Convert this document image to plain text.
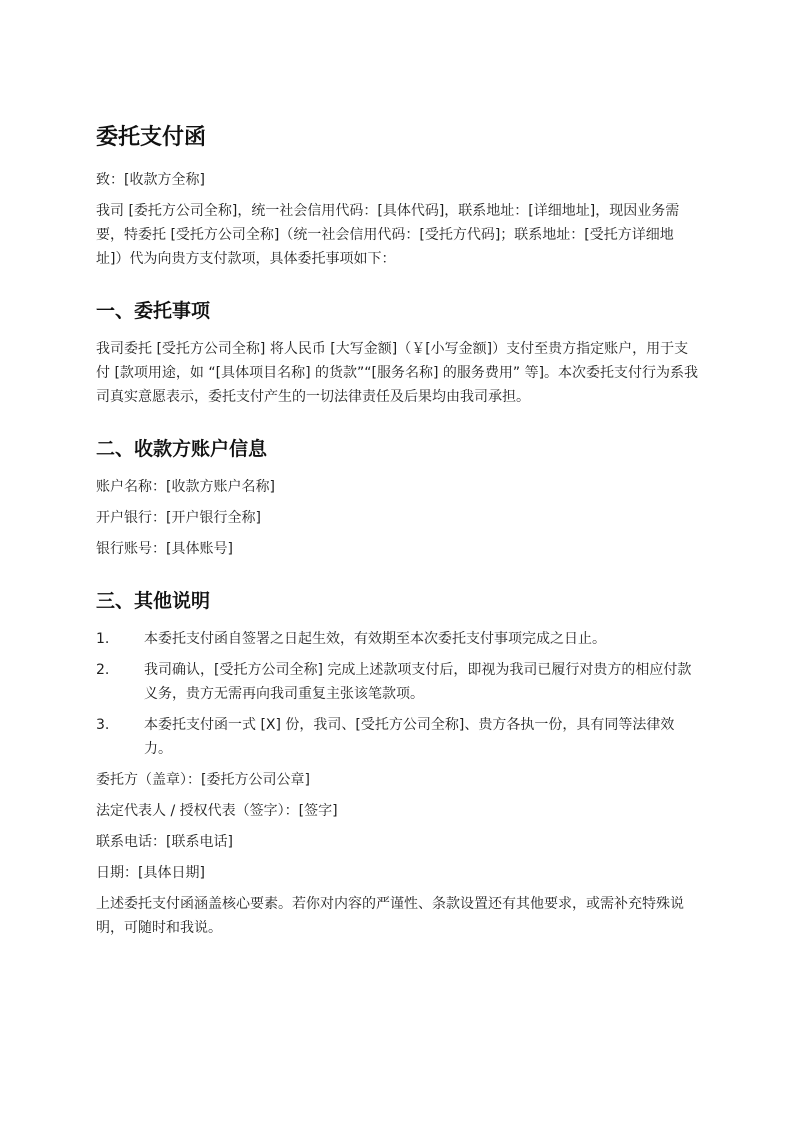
委托支付函

致：[收款方全称]

我司 [委托方公司全称]，统一社会信用代码：[具体代码]，联系地址：[详细地址]，现因业务需要，特委托 [受托方公司全称]（统一社会信用代码：[受托方代码]；联系地址：[受托方详细地址]）代为向贵方支付款项，具体委托事项如下：

一、委托事项

我司委托 [受托方公司全称] 将人民币 [大写金额]（￥[小写金额]）支付至贵方指定账户，用于支付 [款项用途，如 “[具体项目名称] 的货款”“[服务名称] 的服务费用” 等]。本次委托支付行为系我司真实意愿表示，委托支付产生的一切法律责任及后果均由我司承担。

二、收款方账户信息

账户名称：[收款方账户名称]

开户银行：[开户银行全称]

银行账号：[具体账号]

三、其他说明
1.	本委托支付函自签署之日起生效，有效期至本次委托支付事项完成之日止。
2.	我司确认，[受托方公司全称] 完成上述款项支付后，即视为我司已履行对贵方的相应付款义务，贵方无需再向我司重复主张该笔款项。
3.	本委托支付函一式 [X] 份，我司、[受托方公司全称]、贵方各执一份，具有同等法律效力。

委托方（盖章）：[委托方公司公章]

法定代表人 / 授权代表（签字）：[签字]

联系电话：[联系电话]

日期：[具体日期]

上述委托支付函涵盖核心要素。若你对内容的严谨性、条款设置还有其他要求，或需补充特殊说明，可随时和我说。
